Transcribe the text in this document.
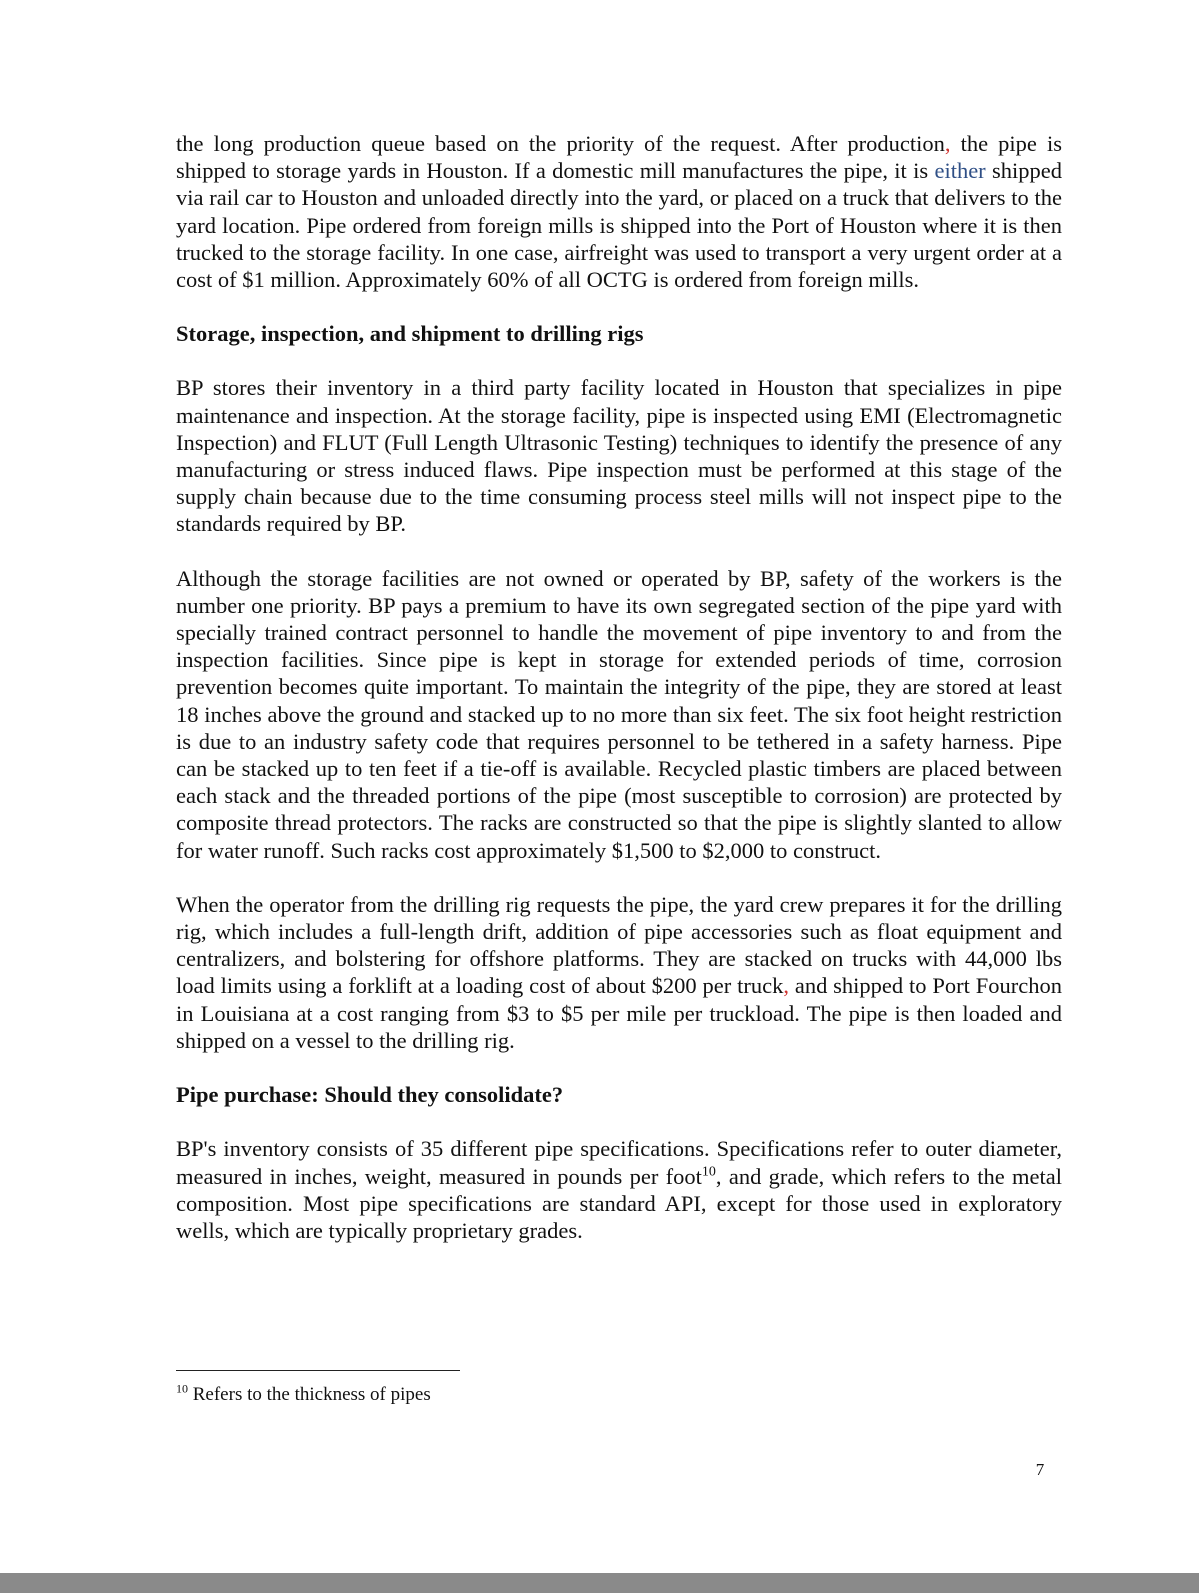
the long production queue based on the priority of the request. After production, the pipe is shipped to storage yards in Houston. If a domestic mill manufactures the pipe, it is either shipped via rail car to Houston and unloaded directly into the yard, or placed on a truck that delivers to the yard location. Pipe ordered from foreign mills is shipped into the Port of Houston where it is then trucked to the storage facility. In one case, airfreight was used to transport a very urgent order at a cost of $1 million. Approximately 60% of all OCTG is ordered from foreign mills.

Storage, inspection, and shipment to drilling rigs

BP stores their inventory in a third party facility located in Houston that specializes in pipe maintenance and inspection. At the storage facility, pipe is inspected using EMI (Electromagnetic Inspection) and FLUT (Full Length Ultrasonic Testing) techniques to identify the presence of any manufacturing or stress induced flaws. Pipe inspection must be performed at this stage of the supply chain because due to the time consuming process steel mills will not inspect pipe to the standards required by BP.

Although the storage facilities are not owned or operated by BP, safety of the workers is the number one priority. BP pays a premium to have its own segregated section of the pipe yard with specially trained contract personnel to handle the movement of pipe inventory to and from the inspection facilities. Since pipe is kept in storage for extended periods of time, corrosion prevention becomes quite important. To maintain the integrity of the pipe, they are stored at least 18 inches above the ground and stacked up to no more than six feet. The six foot height restriction is due to an industry safety code that requires personnel to be tethered in a safety harness. Pipe can be stacked up to ten feet if a tie-off is available. Recycled plastic timbers are placed between each stack and the threaded portions of the pipe (most susceptible to corrosion) are protected by composite thread protectors. The racks are constructed so that the pipe is slightly slanted to allow for water runoff. Such racks cost approximately $1,500 to $2,000 to construct.

When the operator from the drilling rig requests the pipe, the yard crew prepares it for the drilling rig, which includes a full-length drift, addition of pipe accessories such as float equipment and centralizers, and bolstering for offshore platforms. They are stacked on trucks with 44,000 lbs load limits using a forklift at a loading cost of about $200 per truck, and shipped to Port Fourchon in Louisiana at a cost ranging from $3 to $5 per mile per truckload. The pipe is then loaded and shipped on a vessel to the drilling rig.

Pipe purchase: Should they consolidate?

BP's inventory consists of 35 different pipe specifications. Specifications refer to outer diameter, measured in inches, weight, measured in pounds per foot$^{10}$, and grade, which refers to the metal composition. Most pipe specifications are standard API, except for those used in exploratory wells, which are typically proprietary grades.

$^{10}$ Refers to the thickness of pipes
7
